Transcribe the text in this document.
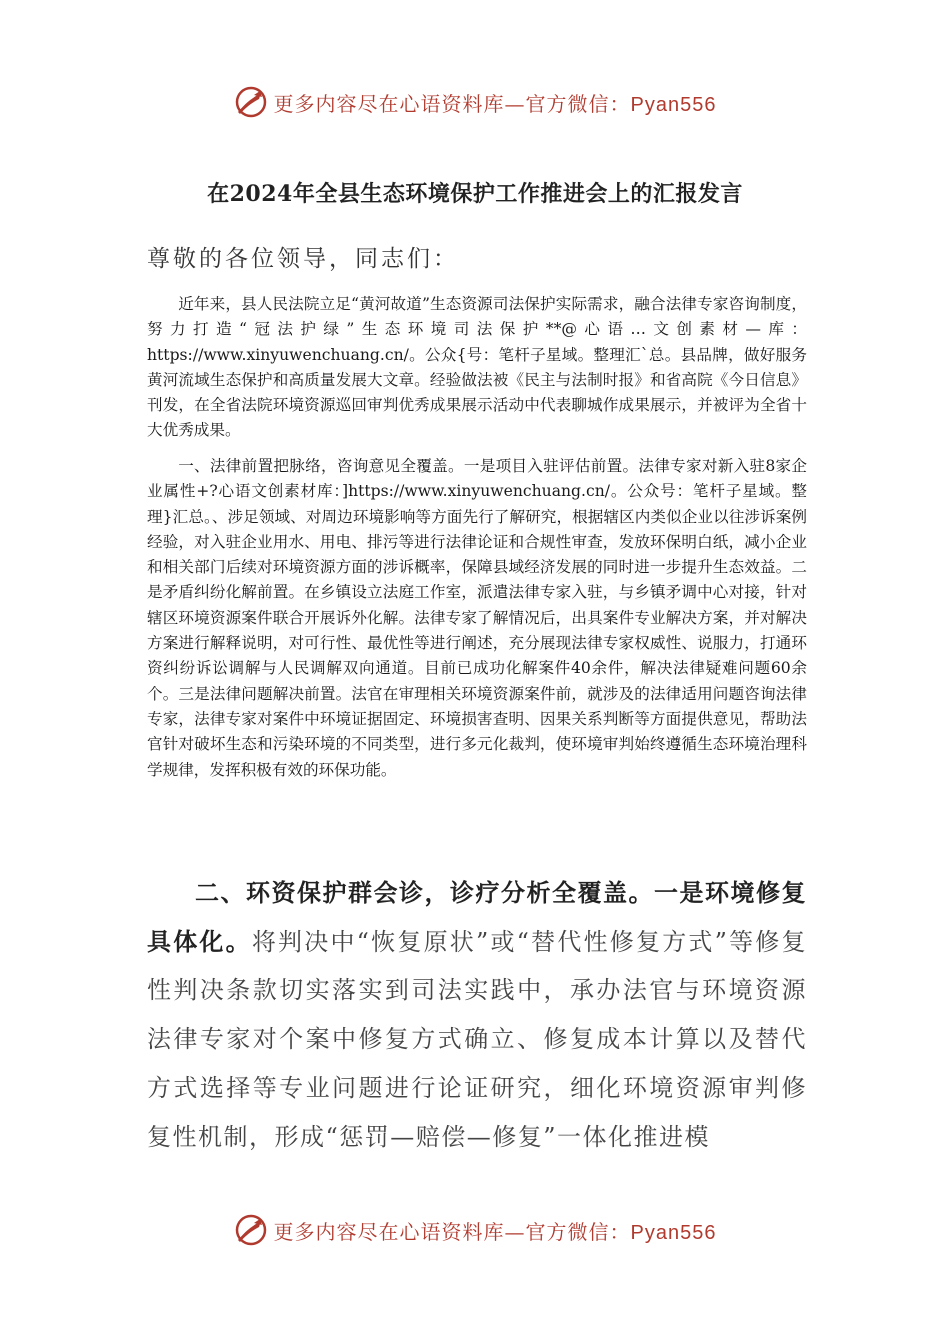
更多内容尽在心语资料库—官方微信：Pyan556
在2024年全县生态环境保护工作推进会上的汇报发言

尊敬的各位领导，同志们：

近年来，县人民法院立足“黄河故道”生态资源司法保护实际需求，融合法律专家咨询制度，努力打造“冠法护绿”生态环境司法保护**@心语…文创素材—库：https://www.xinyuwenchuang.cn/。公众{号：笔杆子星域。整理汇`总。县品牌，做好服务黄河流域生态保护和高质量发展大文章。经验做法被《民主与法制时报》和省高院《今日信息》刊发，在全省法院环境资源巡回审判优秀成果展示活动中代表聊城作成果展示，并被评为全省十大优秀成果。

一、法律前置把脉络，咨询意见全覆盖。一是项目入驻评估前置。法律专家对新入驻8家企业属性+?心语文创素材库：]https://www.xinyuwenchuang.cn/。公众号：笔杆子星域。整理}汇总。、涉足领域、对周边环境影响等方面先行了解研究，根据辖区内类似企业以往涉诉案例经验，对入驻企业用水、用电、排污等进行法律论证和合规性审查，发放环保明白纸，减小企业和相关部门后续对环境资源方面的涉诉概率，保障县域经济发展的同时进一步提升生态效益。二是矛盾纠纷化解前置。在乡镇设立法庭工作室，派遣法律专家入驻，与乡镇矛调中心对接，针对辖区环境资源案件联合开展诉外化解。法律专家了解情况后，出具案件专业解决方案，并对解决方案进行解释说明，对可行性、最优性等进行阐述，充分展现法律专家权威性、说服力，打通环资纠纷诉讼调解与人民调解双向通道。目前已成功化解案件40余件，解决法律疑难问题60余个。三是法律问题解决前置。法官在审理相关环境资源案件前，就涉及的法律适用问题咨询法律专家，法律专家对案件中环境证据固定、环境损害查明、因果关系判断等方面提供意见，帮助法官针对破坏生态和污染环境的不同类型，进行多元化裁判，使环境审判始终遵循生态环境治理科学规律，发挥积极有效的环保功能。

二、环资保护群会诊，诊疗分析全覆盖。一是环境修复具体化。将判决中“恢复原状”或“替代性修复方式”等修复性判决条款切实落实到司法实践中，承办法官与环境资源法律专家对个案中修复方式确立、修复成本计算以及替代方式选择等专业问题进行论证研究，细化环境资源审判修复性机制，形成“惩罚—赔偿—修复”一体化推进模

更多内容尽在心语资料库—官方微信：Pyan556
